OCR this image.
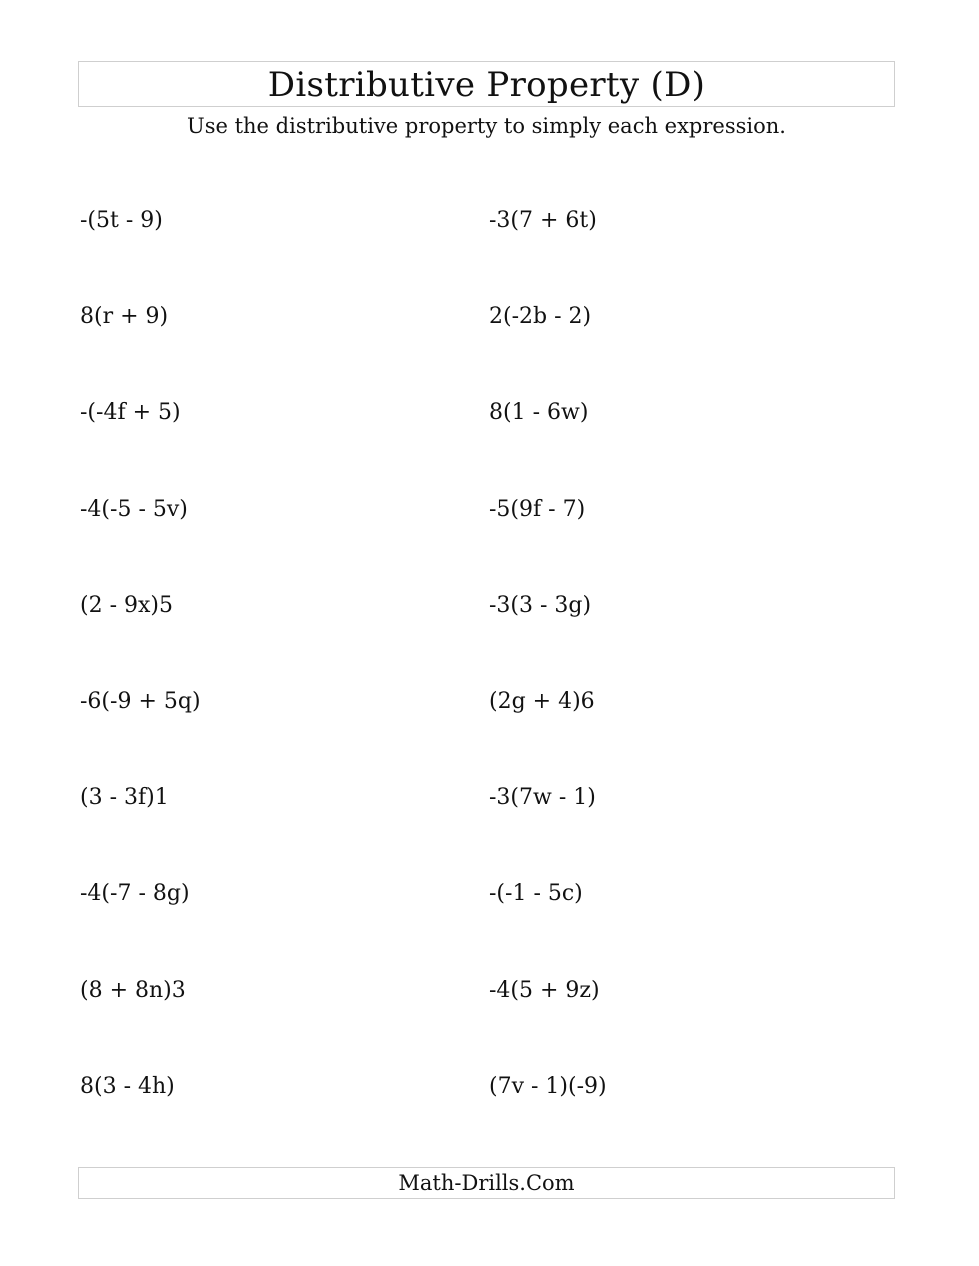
Distributive Property (D)
Use the distributive property to simply each expression.
-(5t - 9)	-3(7 + 6t)
8(r + 9)	2(-2b - 2)
-(-4f + 5)	8(1 - 6w)
-4(-5 - 5v)	-5(9f - 7)
(2 - 9x)5	-3(3 - 3g)
-6(-9 + 5q)	(2g + 4)6
(3 - 3f)1	-3(7w - 1)
-4(-7 - 8g)	-(-1 - 5c)
(8 + 8n)3	-4(5 + 9z)
8(3 - 4h)	(7v - 1)(-9)
Math-Drills.Com
